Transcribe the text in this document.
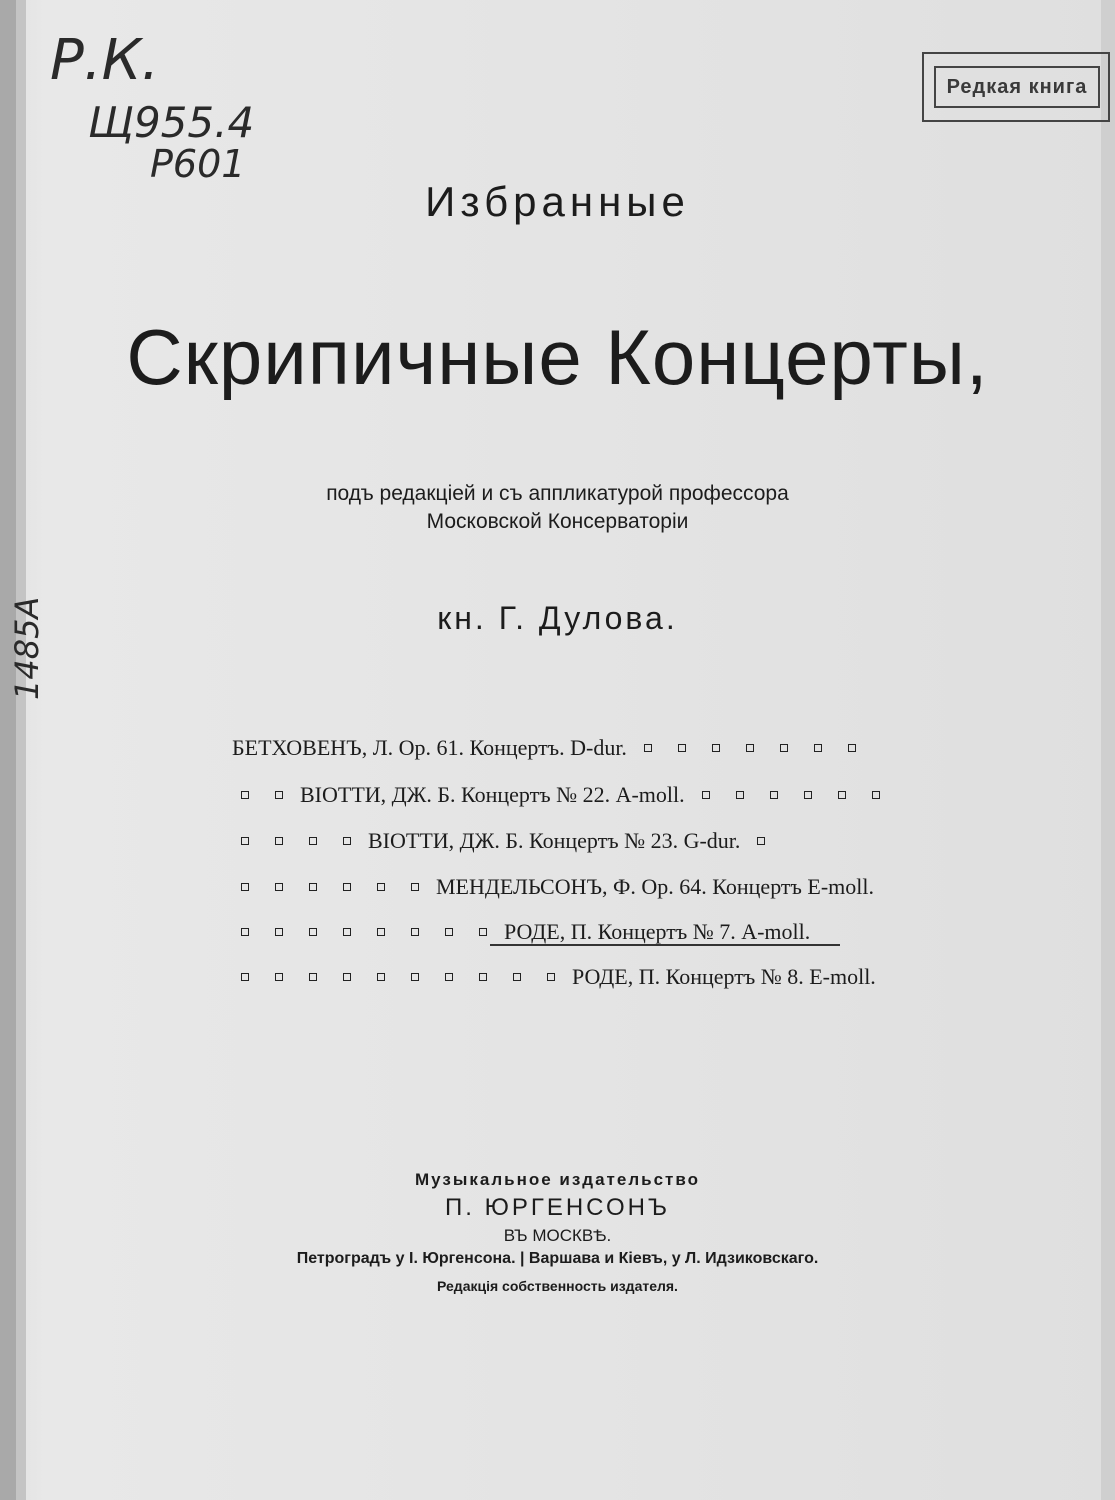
Р.К.
Щ955.4
Р601
1485А
Редкая книга
Избранные
Скрипичные Концерты,
подъ редакціей и съ аппликатурой профессора
Московской Консерваторіи
кн. Г. Дулова.
БЕТХОВЕНЪ, Л. Ор. 61. Концертъ. D-dur.
ВІОТТИ, ДЖ. Б. Концертъ № 22. A-moll.
ВІОТТИ, ДЖ. Б. Концертъ № 23. G-dur.
МЕНДЕЛЬСОНЪ, Ф. Ор. 64. Концертъ E-moll.
РОДЕ, П. Концертъ № 7. A-moll.
РОДЕ, П. Концертъ № 8. E-moll.
Музыкальное издательство
П. ЮРГЕНСОНЪ
ВЪ МОСКВѢ.
Петроградъ у І. Юргенсона. | Варшава и Кіевъ, у Л. Идзиковскаго.
Редакція собственность издателя.
